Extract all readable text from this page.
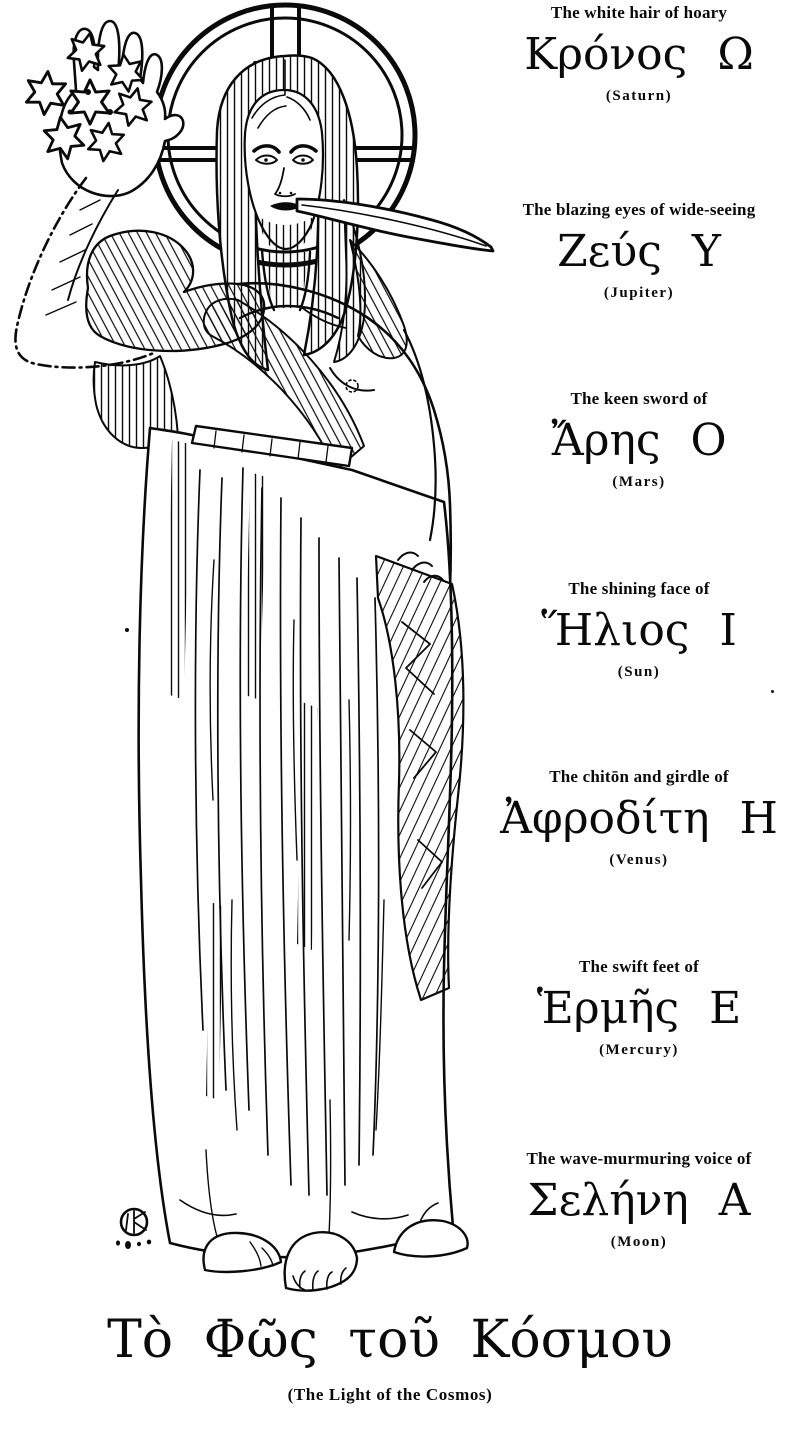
The white hair of hoary
Κρόνος Ω
(Saturn)
The blazing eyes of wide-seeing
Ζεύς Υ
(Jupiter)
The keen sword of
Ἄρης Ο
(Mars)
The shining face of
Ἥλιος Ι
(Sun)
The chitōn and girdle of
Ἀφροδίτη Η
(Venus)
The swift feet of
Ἑρμῆς Ε
(Mercury)
The wave-murmuring voice of
Σελήνη Α
(Moon)
Τὸ Φῶς τοῦ Κόσμου
(The Light of the Cosmos)
